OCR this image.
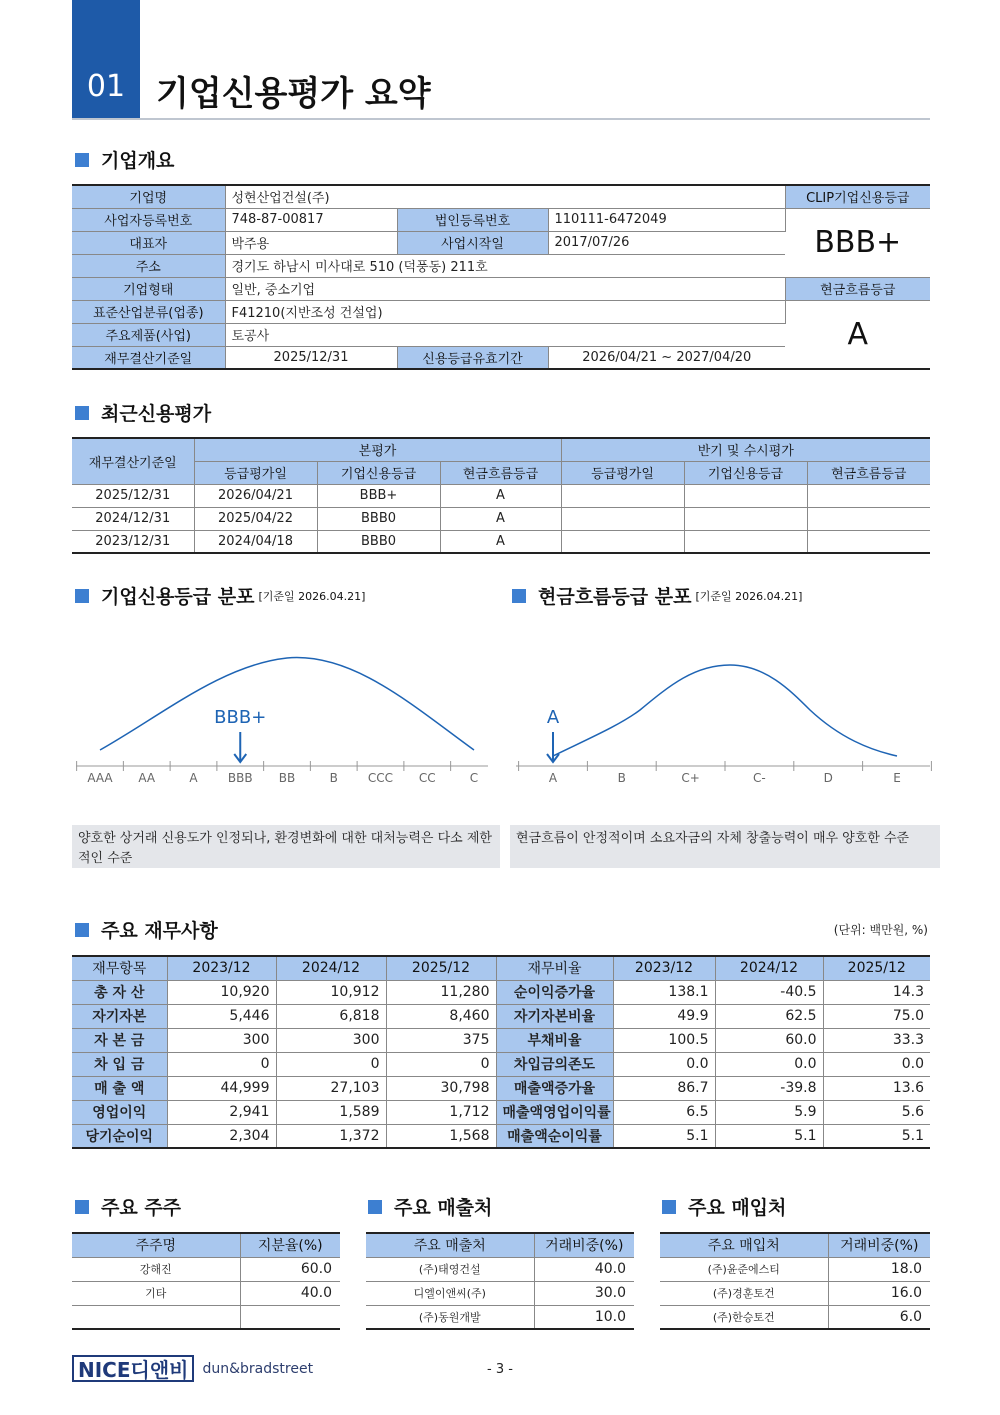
01 기업신용평가 요약
기업개요
기업명	성현산업건설(주)			CLIP기업신용등급
사업자등록번호	748-87-00817	법인등록번호	110111-6472049	BBB+
대표자	박주용	사업시작일	2017/07/26	
주소	경기도 하남시 미사대로 510 (덕풍동) 211호			
기업형태	일반, 중소기업			현금흐름등급
표준산업분류(업종)	F41210(지반조성 건설업)			A
주요제품(사업)	토공사			
재무결산기준일	2025/12/31	신용등급유효기간	2026/04/21 ~ 2027/04/20	
최근신용평가
재무결산기준일	본평가			반기 및 수시평가		
	등급평가일	기업신용등급	현금흐름등급	등급평가일	기업신용등급	현금흐름등급
2025/12/31	2026/04/21	BBB+	A			
2024/12/31	2025/04/22	BBB0	A			
2023/12/31	2024/04/18	BBB0	A			
기업신용등급 분포 [기준일 2026.04.21]	현금흐름등급 분포 [기준일 2026.04.21]
AAA AA	A	BBB BB	B	CCC CC	C
BBB+
A	B	C+	C-	D	E
A
양호한 상거래 신용도가 인정되나, 환경변화에 대한 대처능력은 다소 제한적인 수준
현금흐름이 안정적이며 소요자금의 자체 창출능력이 매우 양호한 수준
주요 재무사항	(단위: 백만원, %)
재무항목	2023/12	2024/12	2025/12	재무비율	2023/12	2024/12	2025/12
총 자 산	10,920	10,912	11,280	순이익증가율	138.1	-40.5	14.3
자기자본	5,446	6,818	8,460	자기자본비율	49.9	62.5	75.0
자 본 금	300	300	375	부채비율	100.5	60.0	33.3
차 입 금	0	0	0	차입금의존도	0.0	0.0	0.0
매 출 액	44,999	27,103	30,798	매출액증가율	86.7	-39.8	13.6
영업이익	2,941	1,589	1,712	매출액영업이익률	6.5	5.9	5.6
당기순이익	2,304	1,372	1,568	매출액순이익률	5.1	5.1	5.1
주요 주주	주요 매출처	주요 매입처
주주명	지분율(%)
강해진	60.0
기타	40.0

주요 매출처	거래비중(%)
(주)태영건설	40.0
디엘이앤씨(주)	30.0
(주)동원개발	10.0
주요 매입처	거래비중(%)
(주)윤준에스티	18.0
(주)경훈토건	16.0
(주)한승토건	6.0
NICE디앤비 dun&bradstreet	- 3 -
